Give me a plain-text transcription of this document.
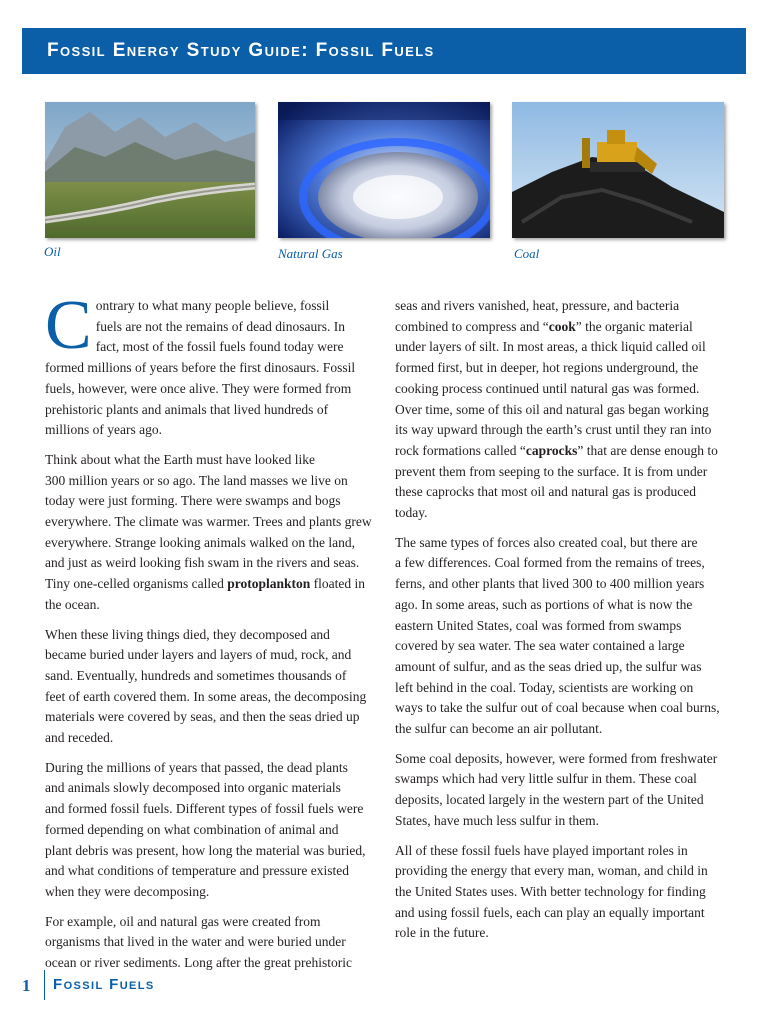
Fossil Energy Study Guide: Fossil Fuels
Oil	Natural Gas	Coal

C ontrary to what many people believe, fossil
fuels are not the remains of dead dinosaurs. In
fact, most of the fossil fuels found today were
formed millions of years before the first dinosaurs. Fossil
fuels, however, were once alive. They were formed from
prehistoric plants and animals that lived hundreds of
millions of years ago.

Think about what the Earth must have looked like
300 million years or so ago. The land masses we live on
today were just forming. There were swamps and bogs
everywhere. The climate was warmer. Trees and plants grew
everywhere. Strange looking animals walked on the land,
and just as weird looking fish swam in the rivers and seas.
Tiny one-celled organisms called protoplankton floated in
the ocean.

When these living things died, they decomposed and
became buried under layers and layers of mud, rock, and
sand. Eventually, hundreds and sometimes thousands of
feet of earth covered them. In some areas, the decomposing
materials were covered by seas, and then the seas dried up
and receded.

During the millions of years that passed, the dead plants
and animals slowly decomposed into organic materials
and formed fossil fuels. Different types of fossil fuels were
formed depending on what combination of animal and
plant debris was present, how long the material was buried,
and what conditions of temperature and pressure existed
when they were decomposing.

For example, oil and natural gas were created from
organisms that lived in the water and were buried under
ocean or river sediments. Long after the great prehistoric

seas and rivers vanished, heat, pressure, and bacteria
combined to compress and “cook” the organic material
under layers of silt. In most areas, a thick liquid called oil
formed first, but in deeper, hot regions underground, the
cooking process continued until natural gas was formed.
Over time, some of this oil and natural gas began working
its way upward through the earth’s crust until they ran into
rock formations called “caprocks” that are dense enough to
prevent them from seeping to the surface. It is from under
these caprocks that most oil and natural gas is produced
today.

The same types of forces also created coal, but there are
a few differences. Coal formed from the remains of trees,
ferns, and other plants that lived 300 to 400 million years
ago. In some areas, such as portions of what is now the
eastern United States, coal was formed from swamps
covered by sea water. The sea water contained a large
amount of sulfur, and as the seas dried up, the sulfur was
left behind in the coal. Today, scientists are working on
ways to take the sulfur out of coal because when coal burns,
the sulfur can become an air pollutant.

Some coal deposits, however, were formed from freshwater
swamps which had very little sulfur in them. These coal
deposits, located largely in the western part of the United
States, have much less sulfur in them.

All of these fossil fuels have played important roles in
providing the energy that every man, woman, and child in
the United States uses. With better technology for finding
and using fossil fuels, each can play an equally important
role in the future.

1 Fossil Fuels
